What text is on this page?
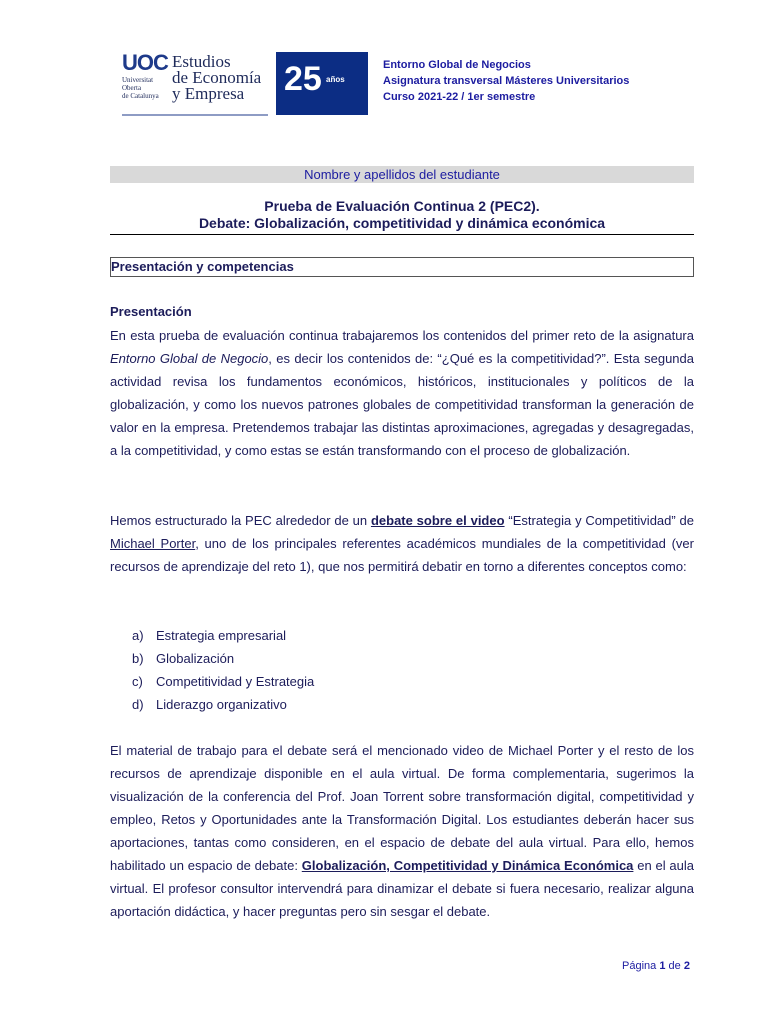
UOC
Universitat
Oberta
de Catalunya
Estudios
de Economía
y Empresa	25 años
Entorno Global de Negocios
Asignatura transversal Másteres Universitarios
Curso 2021-22 / 1er semestre
Nombre y apellidos del estudiante
Prueba de Evaluación Continua 2 (PEC2).
Debate: Globalización, competitividad y dinámica económica
Presentación y competencias
Presentación
En esta prueba de evaluación continua trabajaremos los contenidos del primer reto de la asignatura Entorno Global de Negocio, es decir los contenidos de: “¿Qué es la competitividad?”. Esta segunda actividad revisa los fundamentos económicos, históricos, institucionales y políticos de la globalización, y como los nuevos patrones globales de competitividad transforman la generación de valor en la empresa. Pretendemos trabajar las distintas aproximaciones, agregadas y desagregadas, a la competitividad, y como estas se están transformando con el proceso de globalización.
Hemos estructurado la PEC alrededor de un debate sobre el video “Estrategia y Competitividad” de Michael Porter, uno de los principales referentes académicos mundiales de la competitividad (ver recursos de aprendizaje del reto 1), que nos permitirá debatir en torno a diferentes conceptos como:
a) Estrategia empresarial
b) Globalización
c) Competitividad y Estrategia
d) Liderazgo organizativo
El material de trabajo para el debate será el mencionado video de Michael Porter y el resto de los recursos de aprendizaje disponible en el aula virtual. De forma complementaria, sugerimos la visualización de la conferencia del Prof. Joan Torrent sobre transformación digital, competitividad y empleo, Retos y Oportunidades ante la Transformación Digital. Los estudiantes deberán hacer sus aportaciones, tantas como consideren, en el espacio de debate del aula virtual. Para ello, hemos habilitado un espacio de debate: Globalización, Competitividad y Dinámica Económica en el aula virtual. El profesor consultor intervendrá para dinamizar el debate si fuera necesario, realizar alguna aportación didáctica, y hacer preguntas pero sin sesgar el debate.
Página 1 de 2
